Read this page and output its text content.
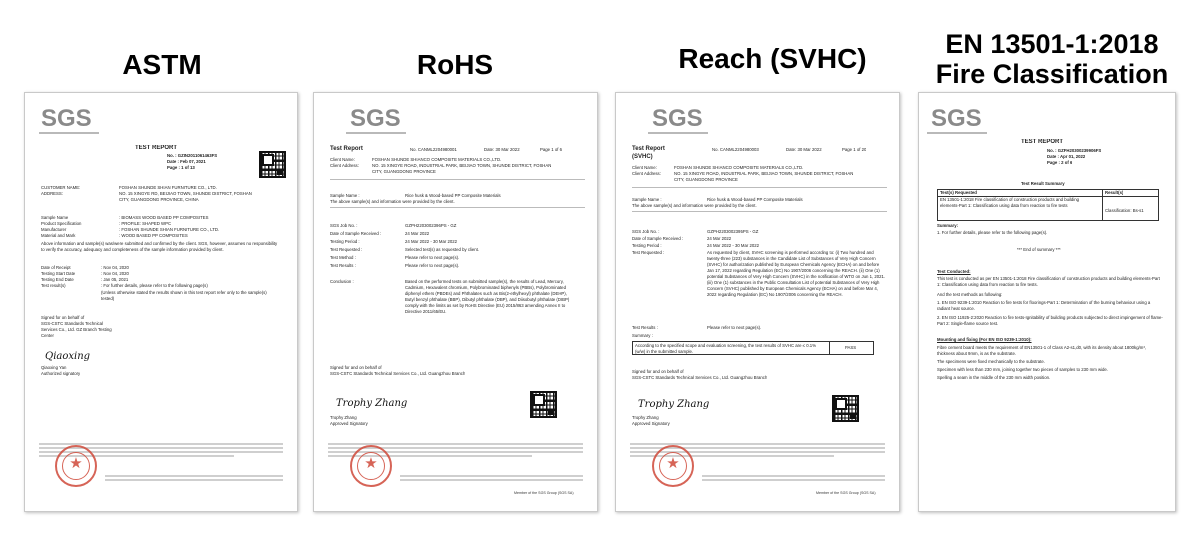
ASTM	RoHS	Reach (SVHC)	EN 13501-1:2018
Fire Classification
SGS
TEST REPORT
No. : GZIN2011061463FS
Date : Feb 07, 2021
Page : 1 of 13
CUSTOMER NAME:	FOSHAN SHUNDE SHIAN FURNITURE CO., LTD.
ADDRESS:	NO. 15 XINGYE RD, BEIJIAO TOWN, SHUNDE DISTRICT, FOSHAN
CITY, GUANGDONG PROVINCE, CHINA
Sample Name	: BIOMASS WOOD BASED PP COMPOSITES
Product Specification	: PROFILE: SHAPED WPC
Manufacturer	: FOSHAN SHUNDE SHIAN FURNITURE CO., LTD.
Material and Mark	: WOOD BASED PP COMPOSITES
Above information and sample(s) was/were submitted and confirmed by the client. SGS, however, assumes no responsibility to verify the accuracy, adequacy and completeness of the sample information provided by client.
Date of Receipt	: Nov 04, 2020
Testing Start Date	: Nov 04, 2020
Testing End Date	: Jan 05, 2021
Test result(s)	: For further details, please refer to the following page(s)
(Unless otherwise stated the results shown in this test report refer only to the sample(s) tested)
Signed for on behalf of
SGS-CSTC Standards Technical
Services Co., Ltd. GZ Branch Testing
Center
Qiaoxing
Qiaoxing Yan
Authorized signatory
★
SGS
Test Report	No. CANML2204980001	Date: 30 Mar 2022	Page 1 of 6
Client Name:	FOSHAN SHUNDE SHIANCO COMPOSITE MATERIALS CO.,LTD.
Client Address:	NO. 15 XINGYE ROAD, INDUSTRIAL PARK, BEIJIAO TOWN, SHUNDE DISTRICT, FOSHAN
CITY, GUANGDONG PROVINCE
Sample Name :	Rice husk & Wood-based PP Composite Materials
The above sample(s) and information were provided by the client.
SGS Job No. :	GZPH2203002396PS - GZ
Date of Sample Received :	24 Mar 2022
Testing Period :	24 Mar 2022 - 30 Mar 2022
Test Requested :	Selected test(s) as requested by client.
Test Method :	Please refer to next page(s).
Test Results :	Please refer to next page(s).
Conclusion :	Based on the performed tests on submitted sample(s), the results of Lead, Mercury, Cadmium, Hexavalent chromium, Polybrominated biphenyls (PBBs), Polybrominated diphenyl ethers (PBDEs) and Phthalates such as Bis(2-ethylhexyl) phthalate (DEHP), Butyl benzyl phthalate (BBP), Dibutyl phthalate (DBP), and Diisobutyl phthalate (DIBP) comply with the limits as set by RoHS Directive (EU) 2015/863 amending Annex II to Directive 2011/65/EU.
Signed for and on behalf of
SGS-CSTC Standards Technical Services Co., Ltd. Guangzhou Branch
Trophy Zhang
Trophy Zhang
Approved Signatory
★
Member of the SGS Group (SGS SA)
SGS
Test Report
(SVHC)
No. CANML2204980003	Date: 30 Mar 2022	Page 1 of 20
Client Name:	FOSHAN SHUNDE SHIANCO COMPOSITE MATERIALS CO.,LTD.
Client Address:	NO. 15 XINGYE ROAD, INDUSTRIAL PARK, BEIJIAO TOWN, SHUNDE DISTRICT, FOSHAN
CITY, GUANGDONG PROVINCE
Sample Name :	Rice husk & Wood-based PP Composite Materials
The above sample(s) and information were provided by the client.
SGS Job No. :	GZPH2203002395PS - GZ
Date of Sample Received :	24 Mar 2022
Testing Period :	24 Mar 2022 - 30 Mar 2022
Test Requested :	As requested by client, SVHC screening is performed according to: (i) Two hundred and twenty-three (223) substances in the Candidate List of Substances of Very High Concern (SVHC) for authorization published by European Chemicals Agency (ECHA) on and before Jan 17, 2022 regarding Regulation (EC) No 1907/2006 concerning the REACH. (ii) One (1) potential Substances of Very High Concern (SVHC) in the notification of WTO on Jun 1, 2021. (iii) One (1) substances in the Public Consultation List of potential Substances of Very High Concern (SVHC) published by European Chemicals Agency (ECHA) on and before Mar 4, 2022 regarding Regulation (EC) No 1907/2006 concerning the REACH.
Test Results :	Please refer to next page(s).
Summary :
According to the specified scope and evaluation screening, the test results of SVHC are ≤ 0.1% (w/w) in the submitted sample.
PASS
Signed for and on behalf of
SGS-CSTC Standards Technical Services Co., Ltd. Guangzhou Branch
Trophy Zhang
Trophy Zhang
Approved Signatory
★
Member of the SGS Group (SGS SA)
SGS
TEST REPORT
No. : GZFH20300239906FS
Date : Apr 01, 2022
Page : 2 of 6
Test Result Summary
Test(s) Requested	Result(s)
EN 13501-1:2018 Fire classification of construction products and building elements-Part 1: Classification using data from reaction to fire tests
Classification: Bs-s1
Summary:
1. For further details, please refer to the following page(s).
*** End of summary ***
Test Conducted:
This test is conducted as per EN 13501-1:2018 Fire classification of construction products and building elements-Part 1: Classification using data from reaction to fire tests.
And the test methods as following:
1. EN ISO 9239-1:2010 Reaction to fire tests for floorings-Part 1: Determination of the burning behaviour using a radiant heat source.
2. EN ISO 11925-2:2020 Reaction to fire tests-Ignitability of building products subjected to direct impingement of flame-Part 2: Single-flame source test.
Mounting and fixing (For EN ISO 9239-1:2010):
Fibre cement board meets the requirement of EN13501-1 of Class A2-s1,d0, with its density about 1800kg/m³, thickness about 9mm, is as the substrate.
The specimens were fixed mechanically to the substrate.
Specimen with less than 230 mm, joining together two pieces of samples to 230 mm wide.
Spelling a seam in the middle of the 230 mm width position.
